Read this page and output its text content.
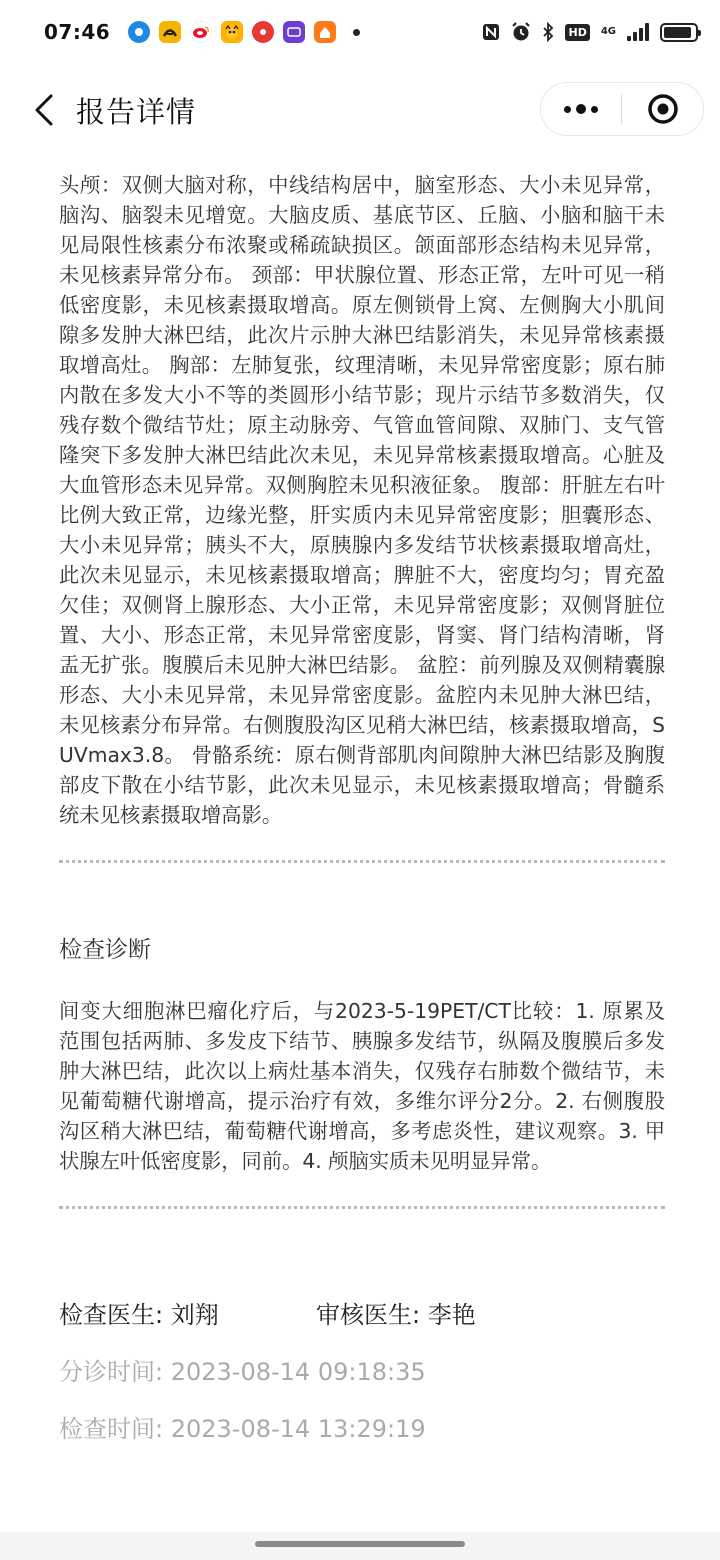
07:46	HD	4G
报告详情

头颅：双侧大脑对称，中线结构居中，脑室形态、大小未见异常，脑沟、脑裂未见增宽。大脑皮质、基底节区、丘脑、小脑和脑干未见局限性核素分布浓聚或稀疏缺损区。颌面部形态结构未见异常，未见核素异常分布。 颈部：甲状腺位置、形态正常，左叶可见一稍低密度影，未见核素摄取增高。原左侧锁骨上窝、左侧胸大小肌间隙多发肿大淋巴结，此次片示肿大淋巴结影消失，未见异常核素摄取增高灶。 胸部：左肺复张，纹理清晰，未见异常密度影；原右肺内散在多发大小不等的类圆形小结节影；现片示结节多数消失，仅残存数个微结节灶；原主动脉旁、气管血管间隙、双肺门、支气管隆突下多发肿大淋巴结此次未见，未见异常核素摄取增高。心脏及大血管形态未见异常。双侧胸腔未见积液征象。 腹部：肝脏左右叶比例大致正常，边缘光整，肝实质内未见异常密度影；胆囊形态、大小未见异常；胰头不大，原胰腺内多发结节状核素摄取增高灶，此次未见显示，未见核素摄取增高；脾脏不大，密度均匀；胃充盈欠佳；双侧肾上腺形态、大小正常，未见异常密度影；双侧肾脏位置、大小、形态正常，未见异常密度影，肾窦、肾门结构清晰，肾盂无扩张。腹膜后未见肿大淋巴结影。 盆腔：前列腺及双侧精囊腺形态、大小未见异常，未见异常密度影。盆腔内未见肿大淋巴结，未见核素分布异常。右侧腹股沟区见稍大淋巴结，核素摄取增高，SUVmax3.8。 骨骼系统：原右侧背部肌肉间隙肿大淋巴结影及胸腹部皮下散在小结节影，此次未见显示，未见核素摄取增高；骨髓系统未见核素摄取增高影。

检查诊断

间变大细胞淋巴瘤化疗后，与2023-5-19PET/CT比较：1. 原累及范围包括两肺、多发皮下结节、胰腺多发结节，纵隔及腹膜后多发肿大淋巴结，此次以上病灶基本消失，仅残存右肺数个微结节，未见葡萄糖代谢增高，提示治疗有效，多维尔评分2分。2. 右侧腹股沟区稍大淋巴结，葡萄糖代谢增高，多考虑炎性，建议观察。3. 甲状腺左叶低密度影，同前。4. 颅脑实质未见明显异常。

检查医生: 刘翔	审核医生: 李艳
分诊时间: 2023-08-14 09:18:35
检查时间: 2023-08-14 13:29:19
